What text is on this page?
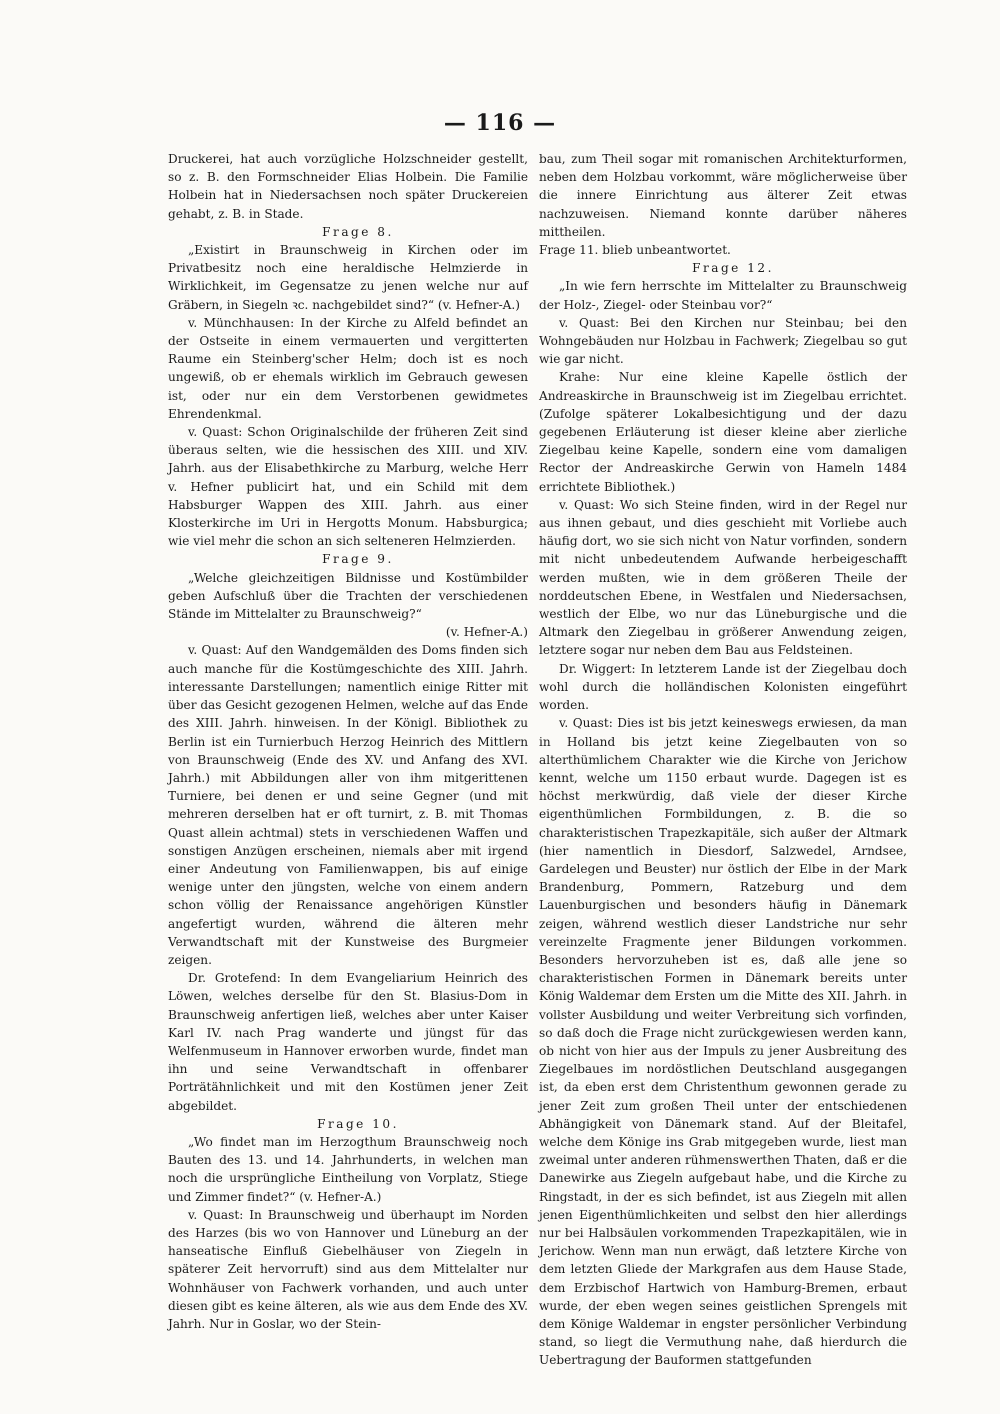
— 116 —

Druckerei, hat auch vorzügliche Holzschneider gestellt, so z. B. den Formschneider Elias Holbein. Die Familie Holbein hat in Niedersachsen noch später Druckereien gehabt, z. B. in Stade.

Frage 8.

„Existirt in Braunschweig in Kirchen oder im Privatbesitz noch eine heraldische Helmzierde in Wirklichkeit, im Gegensatze zu jenen welche nur auf Gräbern, in Siegeln ꝛc. nachgebildet sind?“ (v. Hefner-A.)

v. Münchhausen: In der Kirche zu Alfeld befindet an der Ostseite in einem vermauerten und vergitterten Raume ein Steinberg'scher Helm; doch ist es noch ungewiß, ob er ehemals wirklich im Gebrauch gewesen ist, oder nur ein dem Verstorbenen gewidmetes Ehrendenkmal.

v. Quast: Schon Originalschilde der früheren Zeit sind überaus selten, wie die hessischen des XIII. und XIV. Jahrh. aus der Elisabethkirche zu Marburg, welche Herr v. Hefner publicirt hat, und ein Schild mit dem Habsburger Wappen des XIII. Jahrh. aus einer Klosterkirche im Uri in Hergotts Monum. Habsburgica; wie viel mehr die schon an sich selteneren Helmzierden.

Frage 9.

„Welche gleichzeitigen Bildnisse und Kostümbilder geben Aufschluß über die Trachten der verschiedenen Stände im Mittelalter zu Braunschweig?“
(v. Hefner-A.)

v. Quast: Auf den Wandgemälden des Doms finden sich auch manche für die Kostümgeschichte des XIII. Jahrh. interessante Darstellungen; namentlich einige Ritter mit über das Gesicht gezogenen Helmen, welche auf das Ende des XIII. Jahrh. hinweisen. In der Königl. Bibliothek zu Berlin ist ein Turnierbuch Herzog Heinrich des Mittlern von Braunschweig (Ende des XV. und Anfang des XVI. Jahrh.) mit Abbildungen aller von ihm mitgerittenen Turniere, bei denen er und seine Gegner (und mit mehreren derselben hat er oft turnirt, z. B. mit Thomas Quast allein achtmal) stets in verschiedenen Waffen und sonstigen Anzügen erscheinen, niemals aber mit irgend einer Andeutung von Familienwappen, bis auf einige wenige unter den jüngsten, welche von einem andern schon völlig der Renaissance angehörigen Künstler angefertigt wurden, während die älteren mehr Verwandtschaft mit der Kunstweise des Burgmeier zeigen.

Dr. Grotefend: In dem Evangeliarium Heinrich des Löwen, welches derselbe für den St. Blasius-Dom in Braunschweig anfertigen ließ, welches aber unter Kaiser Karl IV. nach Prag wanderte und jüngst für das Welfenmuseum in Hannover erworben wurde, findet man ihn und seine Verwandtschaft in offenbarer Porträtähnlichkeit und mit den Kostümen jener Zeit abgebildet.

Frage 10.

„Wo findet man im Herzogthum Braunschweig noch Bauten des 13. und 14. Jahrhunderts, in welchen man noch die ursprüngliche Eintheilung von Vorplatz, Stiege und Zimmer findet?“ (v. Hefner-A.)

v. Quast: In Braunschweig und überhaupt im Norden des Harzes (bis wo von Hannover und Lüneburg an der hanseatische Einfluß Giebelhäuser von Ziegeln in späterer Zeit hervorruft) sind aus dem Mittelalter nur Wohnhäuser von Fachwerk vorhanden, und auch unter diesen gibt es keine älteren, als wie aus dem Ende des XV. Jahrh. Nur in Goslar, wo der Stein-

bau, zum Theil sogar mit romanischen Architekturformen, neben dem Holzbau vorkommt, wäre möglicherweise über die innere Einrichtung aus älterer Zeit etwas nachzuweisen. Niemand konnte darüber näheres mittheilen.

Frage 11. blieb unbeantwortet.

Frage 12.

„In wie fern herrschte im Mittelalter zu Braunschweig der Holz-, Ziegel- oder Steinbau vor?“

v. Quast: Bei den Kirchen nur Steinbau; bei den Wohngebäuden nur Holzbau in Fachwerk; Ziegelbau so gut wie gar nicht.

Krahe: Nur eine kleine Kapelle östlich der Andreaskirche in Braunschweig ist im Ziegelbau errichtet. (Zufolge späterer Lokalbesichtigung und der dazu gegebenen Erläuterung ist dieser kleine aber zierliche Ziegelbau keine Kapelle, sondern eine vom damaligen Rector der Andreaskirche Gerwin von Hameln 1484 errichtete Bibliothek.)

v. Quast: Wo sich Steine finden, wird in der Regel nur aus ihnen gebaut, und dies geschieht mit Vorliebe auch häufig dort, wo sie sich nicht von Natur vorfinden, sondern mit nicht unbedeutendem Aufwande herbeigeschafft werden mußten, wie in dem größeren Theile der norddeutschen Ebene, in Westfalen und Niedersachsen, westlich der Elbe, wo nur das Lüneburgische und die Altmark den Ziegelbau in größerer Anwendung zeigen, letztere sogar nur neben dem Bau aus Feldsteinen.

Dr. Wiggert: In letzterem Lande ist der Ziegelbau doch wohl durch die holländischen Kolonisten eingeführt worden.

v. Quast: Dies ist bis jetzt keineswegs erwiesen, da man in Holland bis jetzt keine Ziegelbauten von so alterthümlichem Charakter wie die Kirche von Jerichow kennt, welche um 1150 erbaut wurde. Dagegen ist es höchst merkwürdig, daß viele der dieser Kirche eigenthümlichen Formbildungen, z. B. die so charakteristischen Trapezkapitäle, sich außer der Altmark (hier namentlich in Diesdorf, Salzwedel, Arndsee, Gardelegen und Beuster) nur östlich der Elbe in der Mark Brandenburg, Pommern, Ratzeburg und dem Lauenburgischen und besonders häufig in Dänemark zeigen, während westlich dieser Landstriche nur sehr vereinzelte Fragmente jener Bildungen vorkommen. Besonders hervorzuheben ist es, daß alle jene so charakteristischen Formen in Dänemark bereits unter König Waldemar dem Ersten um die Mitte des XII. Jahrh. in vollster Ausbildung und weiter Verbreitung sich vorfinden, so daß doch die Frage nicht zurückgewiesen werden kann, ob nicht von hier aus der Impuls zu jener Ausbreitung des Ziegelbaues im nordöstlichen Deutschland ausgegangen ist, da eben erst dem Christenthum gewonnen gerade zu jener Zeit zum großen Theil unter der entschiedenen Abhängigkeit von Dänemark stand. Auf der Bleitafel, welche dem Könige ins Grab mitgegeben wurde, liest man zweimal unter anderen rühmenswerthen Thaten, daß er die Danewirke aus Ziegeln aufgebaut habe, und die Kirche zu Ringstadt, in der es sich befindet, ist aus Ziegeln mit allen jenen Eigenthümlichkeiten und selbst den hier allerdings nur bei Halbsäulen vorkommenden Trapezkapitälen, wie in Jerichow. Wenn man nun erwägt, daß letztere Kirche von dem letzten Gliede der Markgrafen aus dem Hause Stade, dem Erzbischof Hartwich von Hamburg-Bremen, erbaut wurde, der eben wegen seines geistlichen Sprengels mit dem Könige Waldemar in engster persönlicher Verbindung stand, so liegt die Vermuthung nahe, daß hierdurch die Uebertragung der Bauformen stattgefunden
